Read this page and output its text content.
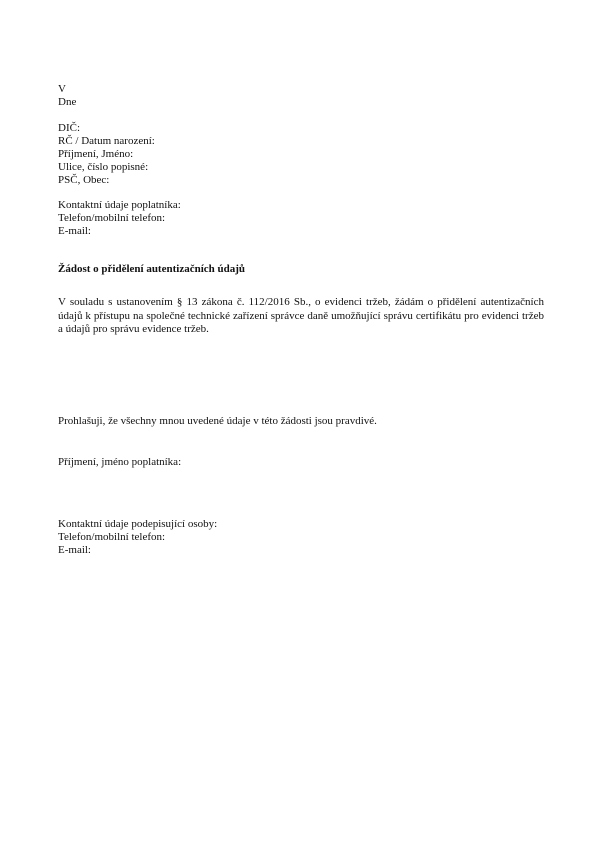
V
Dne
DIČ:
RČ / Datum narození:
Příjmení, Jméno:
Ulice, číslo popisné:
PSČ, Obec:
Kontaktní údaje poplatníka:
Telefon/mobilní telefon:
E-mail:
Žádost o přidělení autentizačních údajů
V souladu s ustanovením § 13 zákona č. 112/2016 Sb., o evidenci tržeb, žádám o přidělení autentizačních údajů k přístupu na společné technické zařízení správce daně umožňující správu certifikátu pro evidenci tržeb a údajů pro správu evidence tržeb.
Prohlašuji, že všechny mnou uvedené údaje v této žádosti jsou pravdivé.
Příjmení, jméno poplatníka:
Kontaktní údaje podepisující osoby:
Telefon/mobilní telefon:
E-mail:
